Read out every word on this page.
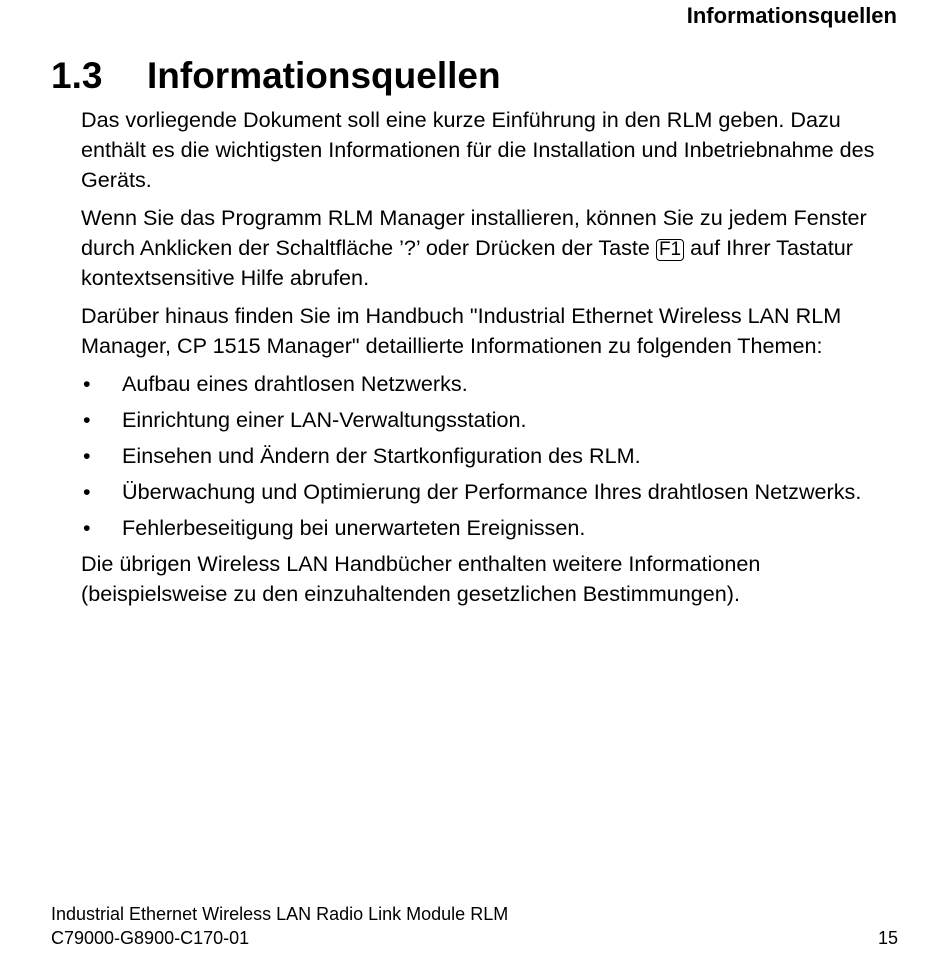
Informationsquellen
1.3 Informationsquellen

Das vorliegende Dokument soll eine kurze Einführung in den RLM geben. Dazu enthält es die wichtigsten Informationen für die Installation und Inbetriebnahme des Geräts.

Wenn Sie das Programm RLM Manager installieren, können Sie zu jedem Fenster durch Anklicken der Schaltfläche ’?’ oder Drücken der Taste F1 auf Ihrer Tastatur kontextsensitive Hilfe abrufen.

Darüber hinaus finden Sie im Handbuch "Industrial Ethernet Wireless LAN RLM Manager, CP 1515 Manager" detaillierte Informationen zu folgenden Themen:

• Aufbau eines drahtlosen Netzwerks.
• Einrichtung einer LAN-Verwaltungsstation.
• Einsehen und Ändern der Startkonfiguration des RLM.
• Überwachung und Optimierung der Performance Ihres drahtlosen Netzwerks.
• Fehlerbeseitigung bei unerwarteten Ereignissen.

Die übrigen Wireless LAN Handbücher enthalten weitere Informationen (beispielsweise zu den einzuhaltenden gesetzlichen Bestimmungen).

Industrial Ethernet Wireless LAN Radio Link Module RLM
C79000-G8900-C170-01	15
